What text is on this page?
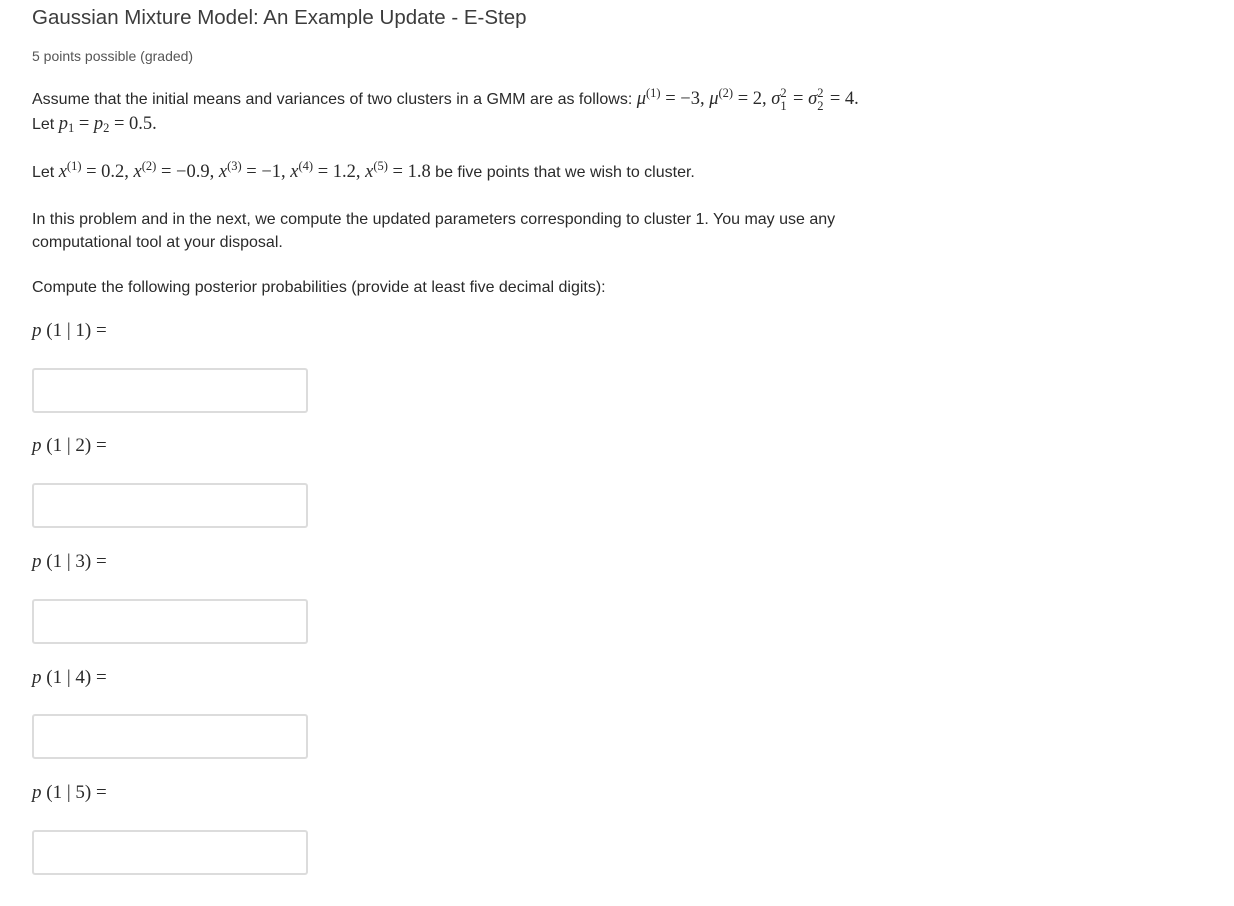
Gaussian Mixture Model: An Example Update - E-Step
5 points possible (graded)
Assume that the initial means and variances of two clusters in a GMM are as follows: $\mu^{(1)} = -3$, $\mu^{(2)} = 2$, σ 2
1 = σ 2
2 = 4.
Let $p_1 = p_2 = 0.5$.
Let $x^{(1)} = 0.2$, $x^{(2)} = -0.9$, $x^{(3)} = -1$, $x^{(4)} = 1.2$, $x^{(5)} = 1.8$ be five points that we wish to cluster.
In this problem and in the next, we compute the updated parameters corresponding to cluster 1. You may use any computational tool at your disposal.
Compute the following posterior probabilities (provide at least five decimal digits):
p (1 | 1) =
p (1 | 2) =
p (1 | 3) =
p (1 | 4) =
p (1 | 5) =
